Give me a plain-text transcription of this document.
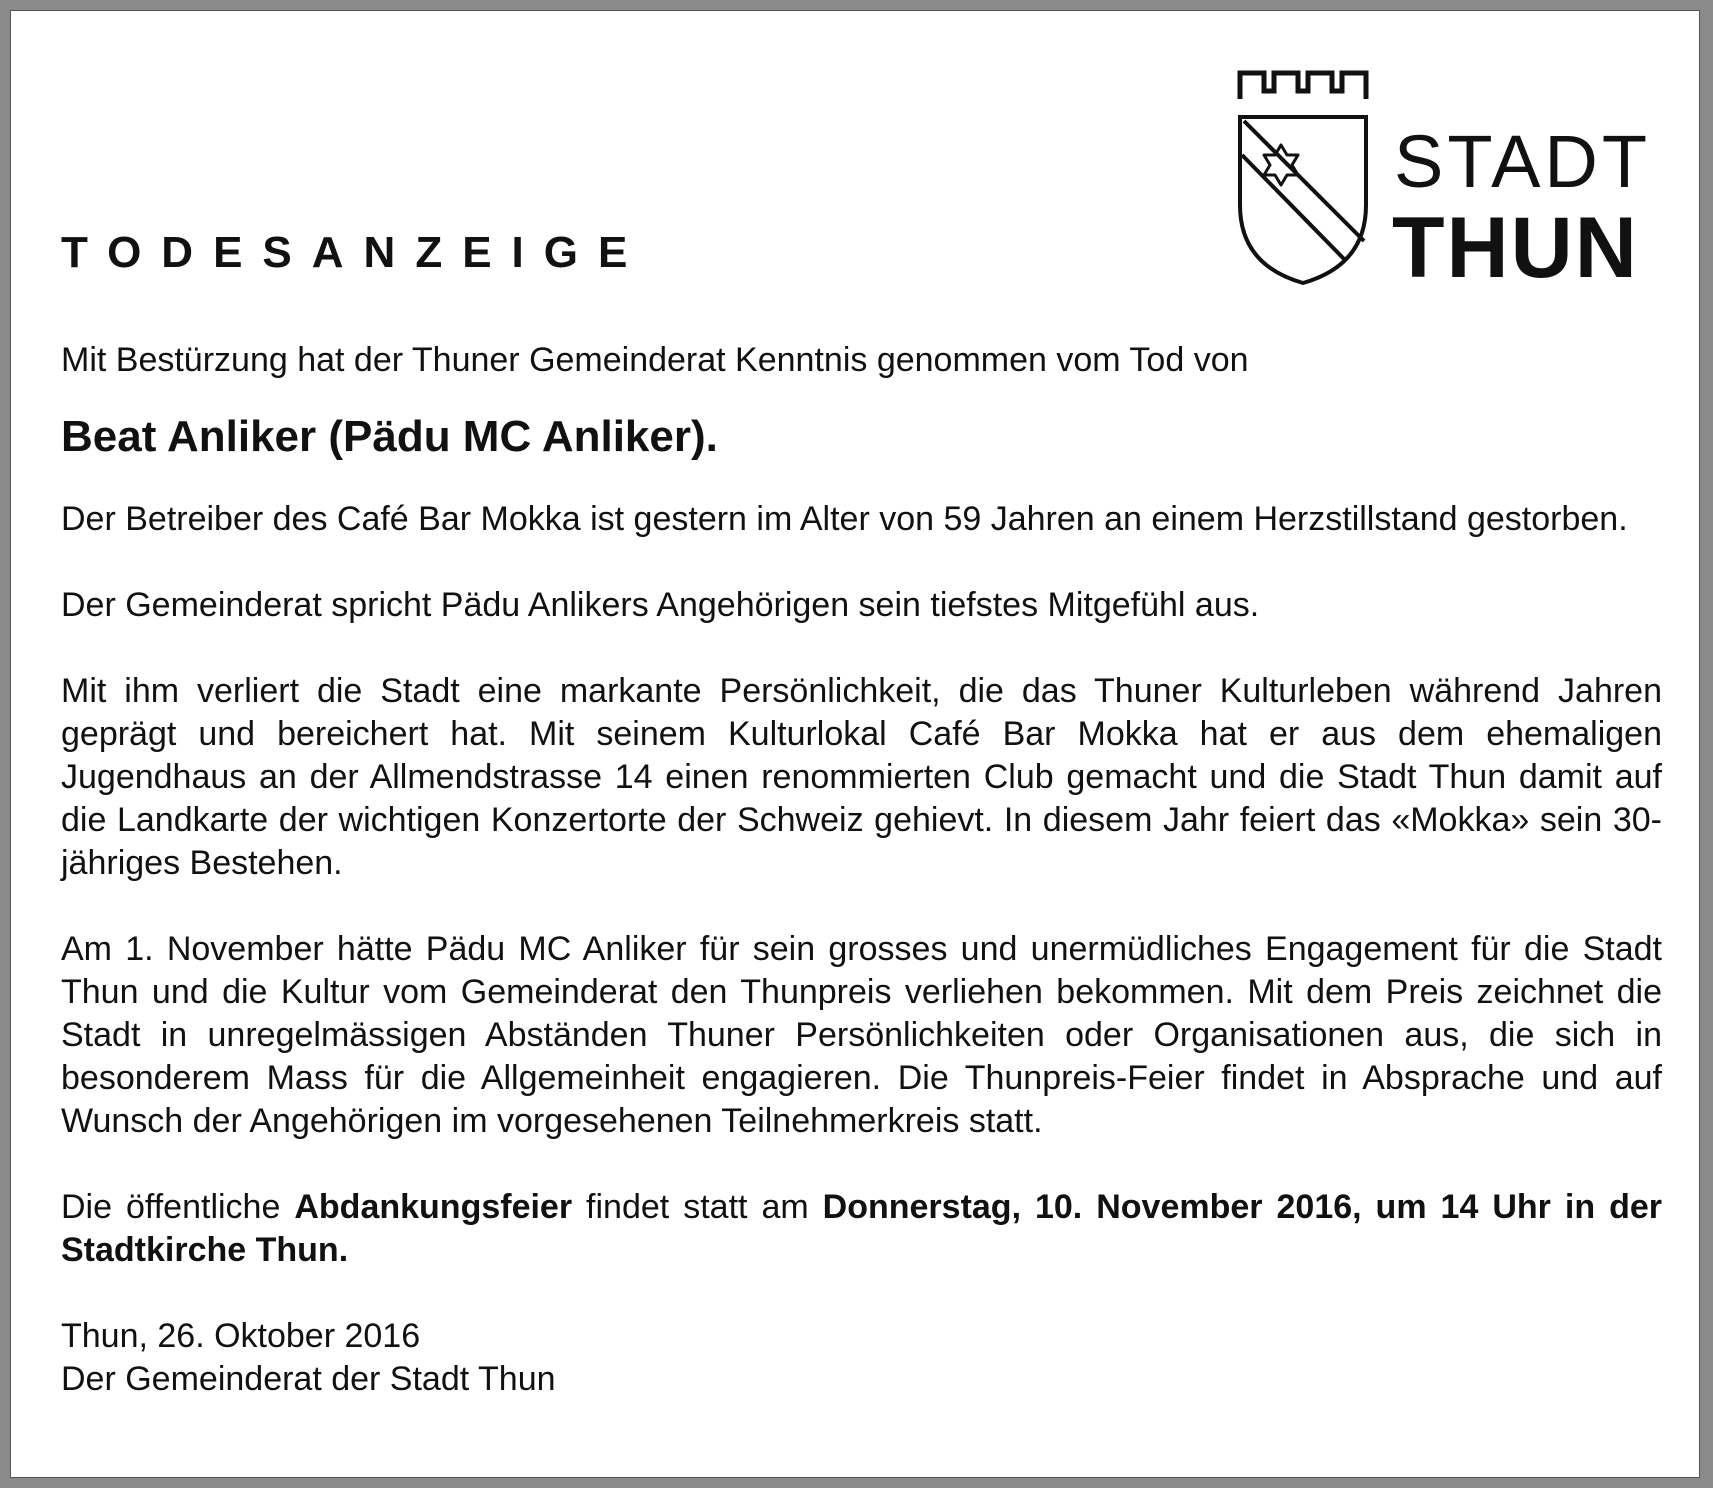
STADT
THUN
TODESANZEIGE

Mit Bestürzung hat der Thuner Gemeinderat Kenntnis genommen vom Tod von

Beat Anliker (Pädu MC Anliker).

Der Betreiber des Café Bar Mokka ist gestern im Alter von 59 Jahren an einem Herzstillstand gestorben.

Der Gemeinderat spricht Pädu Anlikers Angehörigen sein tiefstes Mitgefühl aus.

Mit ihm verliert die Stadt eine markante Persönlichkeit, die das Thuner Kulturleben während Jahren geprägt und bereichert hat. Mit seinem Kulturlokal Café Bar Mokka hat er aus dem ehemaligen Jugendhaus an der Allmendstrasse 14 einen renommierten Club gemacht und die Stadt Thun damit auf die Landkarte der wichtigen Konzertorte der Schweiz gehievt. In diesem Jahr feiert das «Mokka» sein 30-jähriges Bestehen.

Am 1. November hätte Pädu MC Anliker für sein grosses und unermüdliches Engagement für die Stadt Thun und die Kultur vom Gemeinderat den Thunpreis verliehen bekommen. Mit dem Preis zeichnet die Stadt in unregelmässigen Abständen Thuner Persönlichkeiten oder Organisationen aus, die sich in besonderem Mass für die Allgemeinheit engagieren. Die Thunpreis-Feier findet in Absprache und auf Wunsch der Angehörigen im vorgesehenen Teilnehmerkreis statt.

Die öffentliche Abdankungsfeier findet statt am Donnerstag, 10. November 2016, um 14 Uhr in der Stadtkirche Thun.

Thun, 26. Oktober 2016

Der Gemeinderat der Stadt Thun
